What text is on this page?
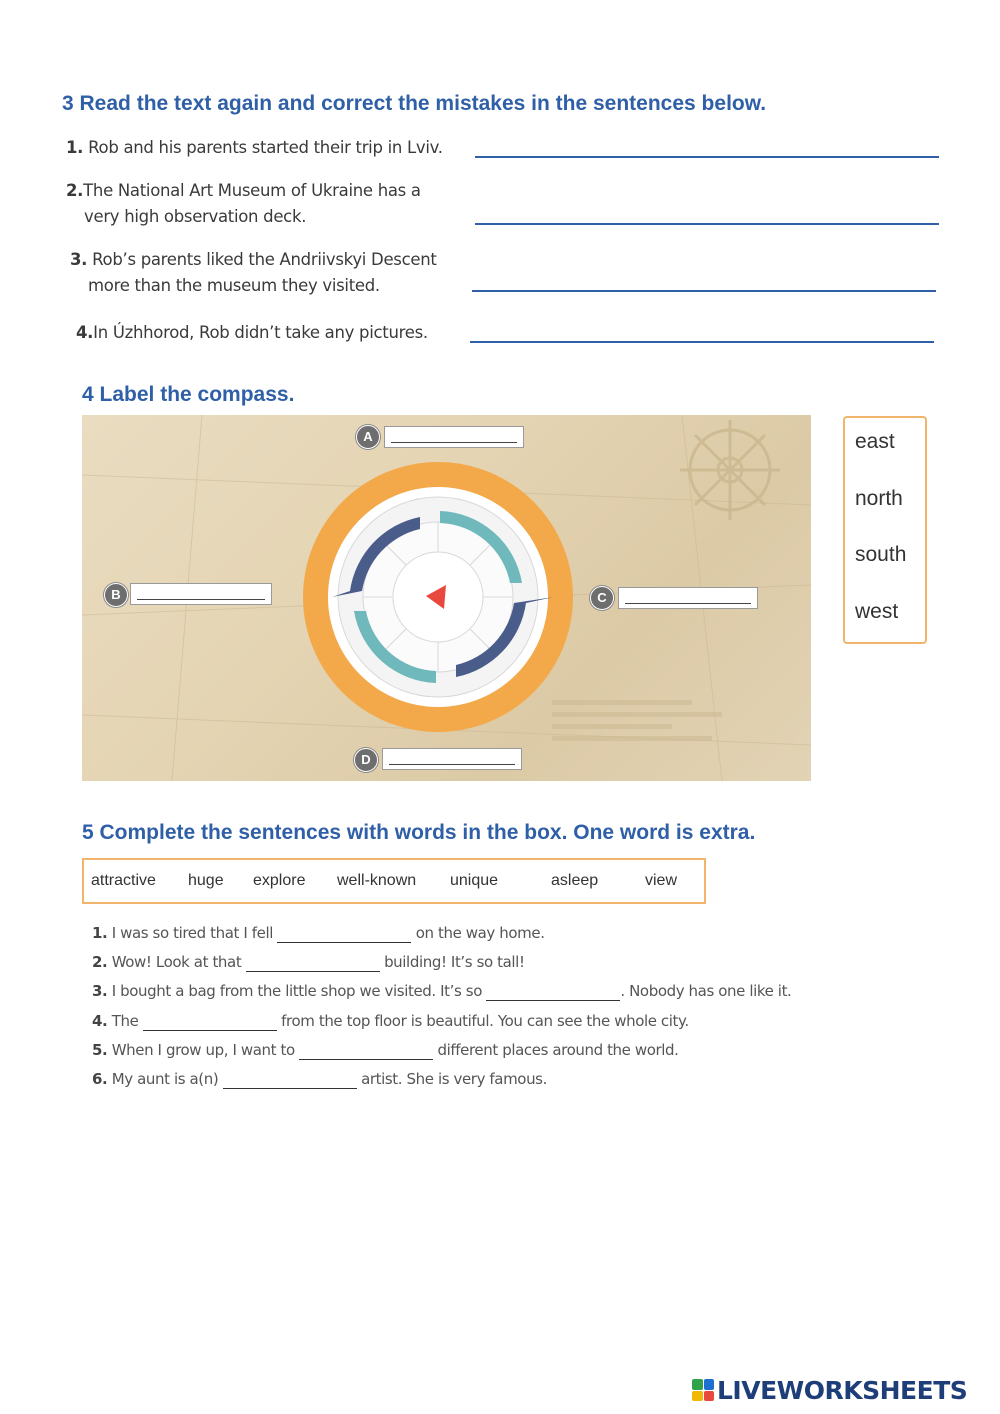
3 Read the text again and correct the mistakes in the sentences below.
1. Rob and his parents started their trip in Lviv.
2.The National Art Museum of Ukraine has a
very high observation deck.
3. Rob’s parents liked the Andriivskyi Descent
more than the museum they visited.
4.In Úzhhorod, Rob didn’t take any pictures.
4 Label the compass.
A
B	C
D
east
north
south
west
5 Complete the sentences with words in the box. One word is extra.
attractive huge explore well-known unique	asleep	view
1. I was so tired that I fell	on the way home.
2. Wow! Look at that	building! It’s so tall!
3. I bought a bag from the little shop we visited. It’s so	. Nobody has one like it.
4. The	from the top floor is beautiful. You can see the whole city.
5. When I grow up, I want to	different places around the world.
6. My aunt is a(n)	artist. She is very famous.
LIVEWORKSHEETS
